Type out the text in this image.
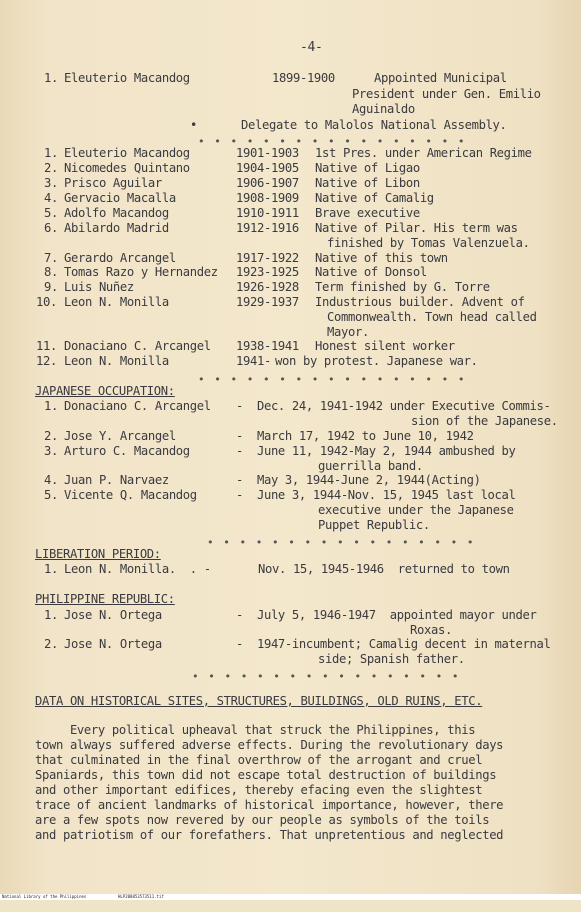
-4-
1. Eleuterio Macandog	1899-1900	Appointed Municipal
President under Gen. Emilio
Aguinaldo
•	Delegate to Malolos National Assembly.
• • • • • • • • • • • • • • • • •
1. Eleuterio Macandog	1901-1903 1st Pres. under American Regime
2. Nicomedes Quintano	1904-1905 Native of Ligao
3. Prisco Aguilar	1906-1907 Native of Libon
4. Gervacio Macalla	1908-1909 Native of Camalig
5. Adolfo Macandog	1910-1911 Brave executive
6. Abilardo Madrid	1912-1916 Native of Pilar. His term was
finished by Tomas Valenzuela.
7. Gerardo Arcangel	1917-1922 Native of this town
8. Tomas Razo y Hernandez 1923-1925 Native of Donsol
9. Luis Nuñez	1926-1928 Term finished by G. Torre
10. Leon N. Monilla	1929-1937 Industrious builder. Advent of
Commonwealth. Town head called
Mayor.
11. Donaciano C. Arcangel 1938-1941 Honest silent worker
12. Leon N. Monilla	1941- won by protest. Japanese war.
• • • • • • • • • • • • • • • • •
JAPANESE OCCUPATION:
1. Donaciano C. Arcangel -  Dec. 24, 1941-1942 under Executive Commis-
sion of the Japanese.
2. Jose Y. Arcangel	-  March 17, 1942 to June 10, 1942
3. Arturo C. Macandog	-  June 11, 1942-May 2, 1944 ambushed by
guerrilla band.
4. Juan P. Narvaez	-  May 3, 1944-June 2, 1944(Acting)
5. Vicente Q. Macandog	-  June 3, 1944-Nov. 15, 1945 last local
executive under the Japanese
Puppet Republic.
• • • • • • • • • • • • • • • • •
LIBERATION PERIOD:
1. Leon N. Monilla.  . -	Nov. 15, 1945-1946  returned to town
PHILIPPINE REPUBLIC:
1. Jose N. Ortega	-  July 5, 1946-1947  appointed mayor under
Roxas.
2. Jose N. Ortega	-  1947-incumbent; Camalig decent in maternal
side; Spanish father.
• • • • • • • • • • • • • • • • •
DATA ON HISTORICAL SITES, STRUCTURES, BUILDINGS, OLD RUINS, ETC.
Every political upheaval that struck the Philippines, this
town always suffered adverse effects. During the revolutionary days
that culminated in the final overthrow of the arrogant and cruel
Spaniards, this town did not escape total destruction of buildings
and other important edifices, thereby efacing even the slightest
trace of ancient landmarks of historical importance, however, there
are a few spots now revered by our people as symbols of the toils
and patriotism of our forefathers. That unpretentious and neglected

National Library of the Philippines

	HLP208853573511.tif
